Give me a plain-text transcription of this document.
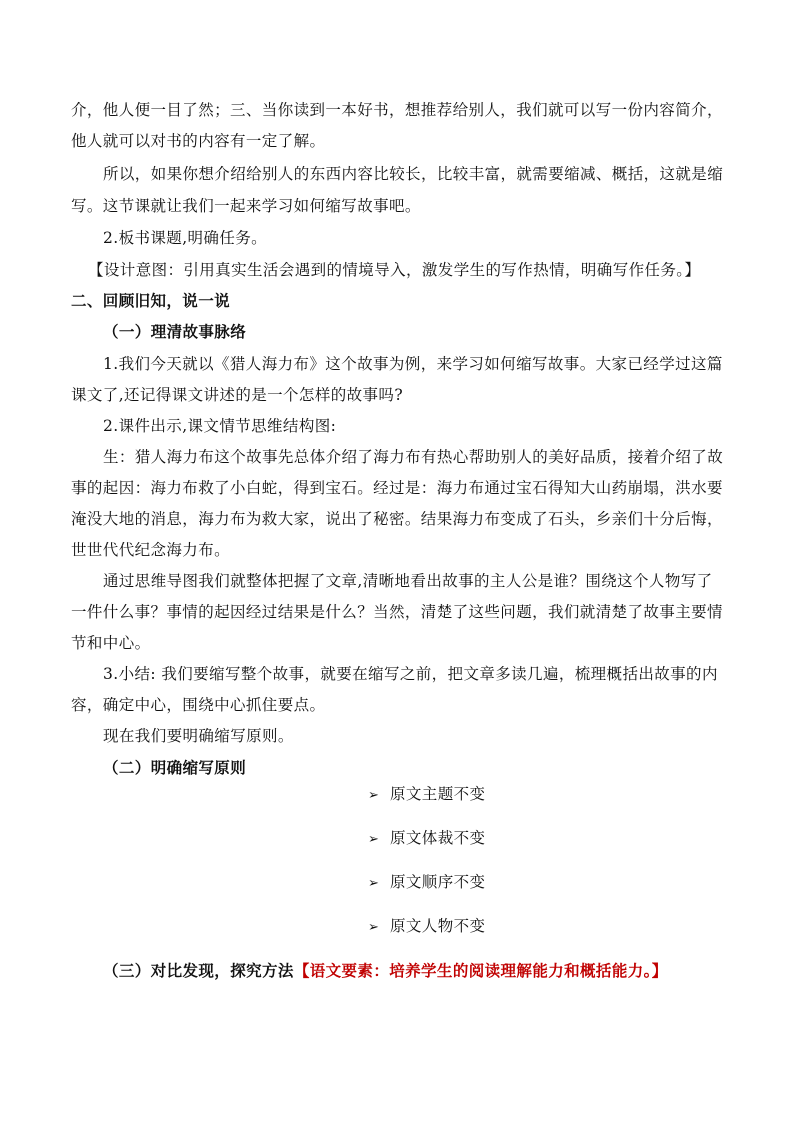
介，他人便一目了然；三、当你读到一本好书，想推荐给别人，我们就可以写一份内容简介，
他人就可以对书的内容有一定了解。
所以，如果你想介绍给别人的东西内容比较长，比较丰富，就需要缩减、概括，这就是缩
写。这节课就让我们一起来学习如何缩写故事吧。
2.板书课题,明确任务。
【设计意图：引用真实生活会遇到的情境导入，激发学生的写作热情，明确写作任务。】
二、回顾旧知，说一说
（一）理清故事脉络
1.我们今天就以《猎人海力布》这个故事为例，来学习如何缩写故事。大家已经学过这篇
课文了,还记得课文讲述的是一个怎样的故事吗?
2.课件出示,课文情节思维结构图:
生：猎人海力布这个故事先总体介绍了海力布有热心帮助别人的美好品质，接着介绍了故
事的起因：海力布救了小白蛇，得到宝石。经过是：海力布通过宝石得知大山药崩塌，洪水要
淹没大地的消息，海力布为救大家，说出了秘密。结果海力布变成了石头，乡亲们十分后悔，
世世代代纪念海力布。
通过思维导图我们就整体把握了文章,清晰地看出故事的主人公是谁？围绕这个人物写了
一件什么事？事情的起因经过结果是什么？当然，清楚了这些问题，我们就清楚了故事主要情
节和中心。
3.小结: 我们要缩写整个故事，就要在缩写之前，把文章多读几遍，梳理概括出故事的内
容，确定中心，围绕中心抓住要点。
现在我们要明确缩写原则。
（二）明确缩写原则
➢ 原文主题不变
➢ 原文体裁不变
➢ 原文顺序不变
➢ 原文人物不变
（三）对比发现，探究方法【语文要素：培养学生的阅读理解能力和概括能力。】
